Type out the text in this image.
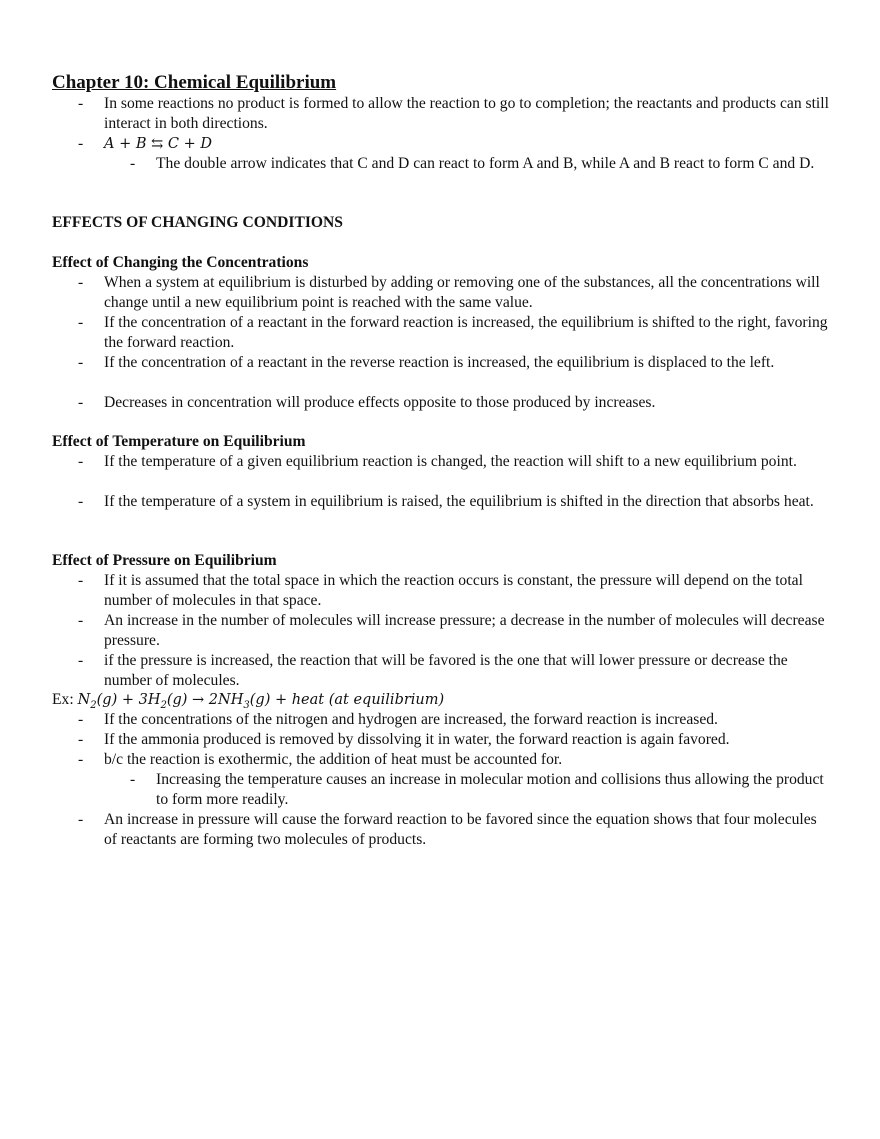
Chapter 10: Chemical Equilibrium
- In some reactions no product is formed to allow the reaction to go to completion; the reactants and products can still interact in both directions.
- A + B ⇆ C + D
- The double arrow indicates that C and D can react to form A and B, while A and B react to form C and D.
EFFECTS OF CHANGING CONDITIONS
Effect of Changing the Concentrations
- When a system at equilibrium is disturbed by adding or removing one of the substances, all the concentrations will change until a new equilibrium point is reached with the same value.
- If the concentration of a reactant in the forward reaction is increased, the equilibrium is shifted to the right, favoring the forward reaction.
- If the concentration of a reactant in the reverse reaction is increased, the equilibrium is displaced to the left.
- Decreases in concentration will produce effects opposite to those produced by increases.
Effect of Temperature on Equilibrium
- If the temperature of a given equilibrium reaction is changed, the reaction will shift to a new equilibrium point.
- If the temperature of a system in equilibrium is raised, the equilibrium is shifted in the direction that absorbs heat.
Effect of Pressure on Equilibrium
- If it is assumed that the total space in which the reaction occurs is constant, the pressure will depend on the total number of molecules in that space.
- An increase in the number of molecules will increase pressure; a decrease in the number of molecules will decrease pressure.
- if the pressure is increased, the reaction that will be favored is the one that will lower pressure or decrease the number of molecules.
Ex: $N_2(g) + 3H_2(g) \to 2NH_3(g)$ + heat (at equilibrium)
- If the concentrations of the nitrogen and hydrogen are increased, the forward reaction is increased.
- If the ammonia produced is removed by dissolving it in water, the forward reaction is again favored.
- b/c the reaction is exothermic, the addition of heat must be accounted for.
- Increasing the temperature causes an increase in molecular motion and collisions thus allowing the product to form more readily.
- An increase in pressure will cause the forward reaction to be favored since the equation shows that four molecules of reactants are forming two molecules of products.
